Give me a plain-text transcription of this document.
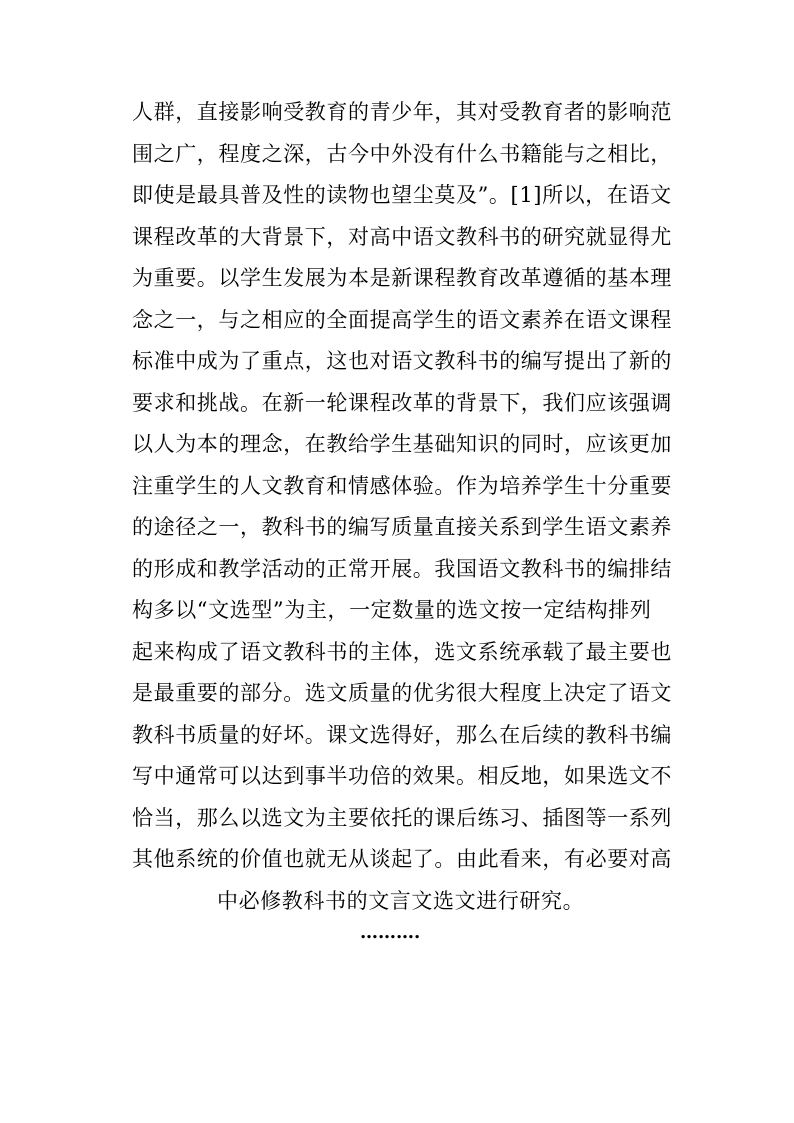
人群，直接影响受教育的青少年，其对受教育者的影响范
围之广，程度之深，古今中外没有什么书籍能与之相比，
即使是最具普及性的读物也望尘莫及”。[1]所以，在语文
课程改革的大背景下，对高中语文教科书的研究就显得尤
为重要。以学生发展为本是新课程教育改革遵循的基本理
念之一，与之相应的全面提高学生的语文素养在语文课程
标准中成为了重点，这也对语文教科书的编写提出了新的
要求和挑战。在新一轮课程改革的背景下，我们应该强调
以人为本的理念，在教给学生基础知识的同时，应该更加
注重学生的人文教育和情感体验。作为培养学生十分重要
的途径之一，教科书的编写质量直接关系到学生语文素养
的形成和教学活动的正常开展。我国语文教科书的编排结
构多以“文选型”为主，一定数量的选文按一定结构排列
起来构成了语文教科书的主体，选文系统承载了最主要也
是最重要的部分。选文质量的优劣很大程度上决定了语文
教科书质量的好坏。课文选得好，那么在后续的教科书编
写中通常可以达到事半功倍的效果。相反地，如果选文不
恰当，那么以选文为主要依托的课后练习、插图等一系列
其他系统的价值也就无从谈起了。由此看来，有必要对高
中必修教科书的文言文选文进行研究。
……….
